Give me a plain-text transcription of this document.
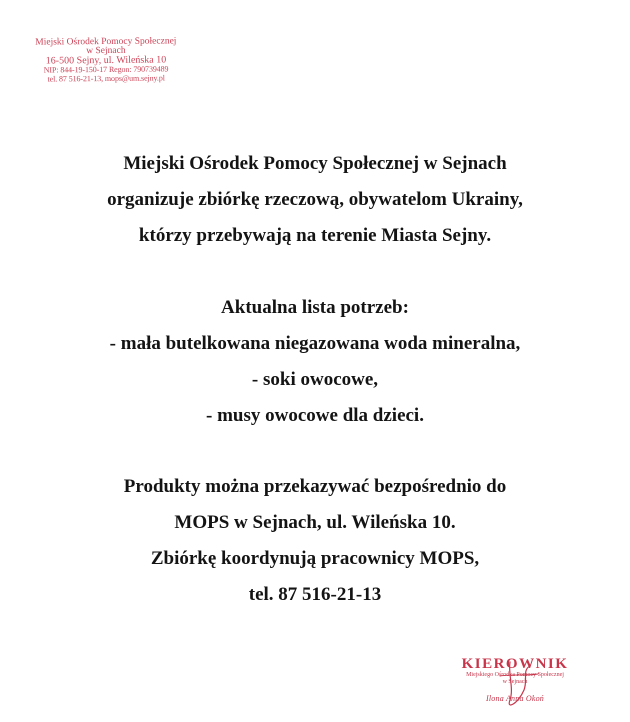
Miejski Ośrodek Pomocy Społecznej
w Sejnach
16-500 Sejny, ul. Wileńska 10
NIP: 844-19-150-17 Regon: 790739489
tel. 87 516-21-13, mops@um.sejny.pl
Miejski Ośrodek Pomocy Społecznej w Sejnach
organizuje zbiórkę rzeczową, obywatelom Ukrainy,
którzy przebywają na terenie Miasta Sejny.
Aktualna lista potrzeb:
- mała butelkowana niegazowana woda mineralna,
- soki owocowe,
- musy owocowe dla dzieci.
Produkty można przekazywać bezpośrednio do
MOPS w Sejnach, ul. Wileńska 10.
Zbiórkę koordynują pracownicy MOPS,
tel. 87 516-21-13
KIEROWNIK
Miejskiego Ośrodka Pomocy Społecznej
w Sejnach
Ilona Anna Okoń
